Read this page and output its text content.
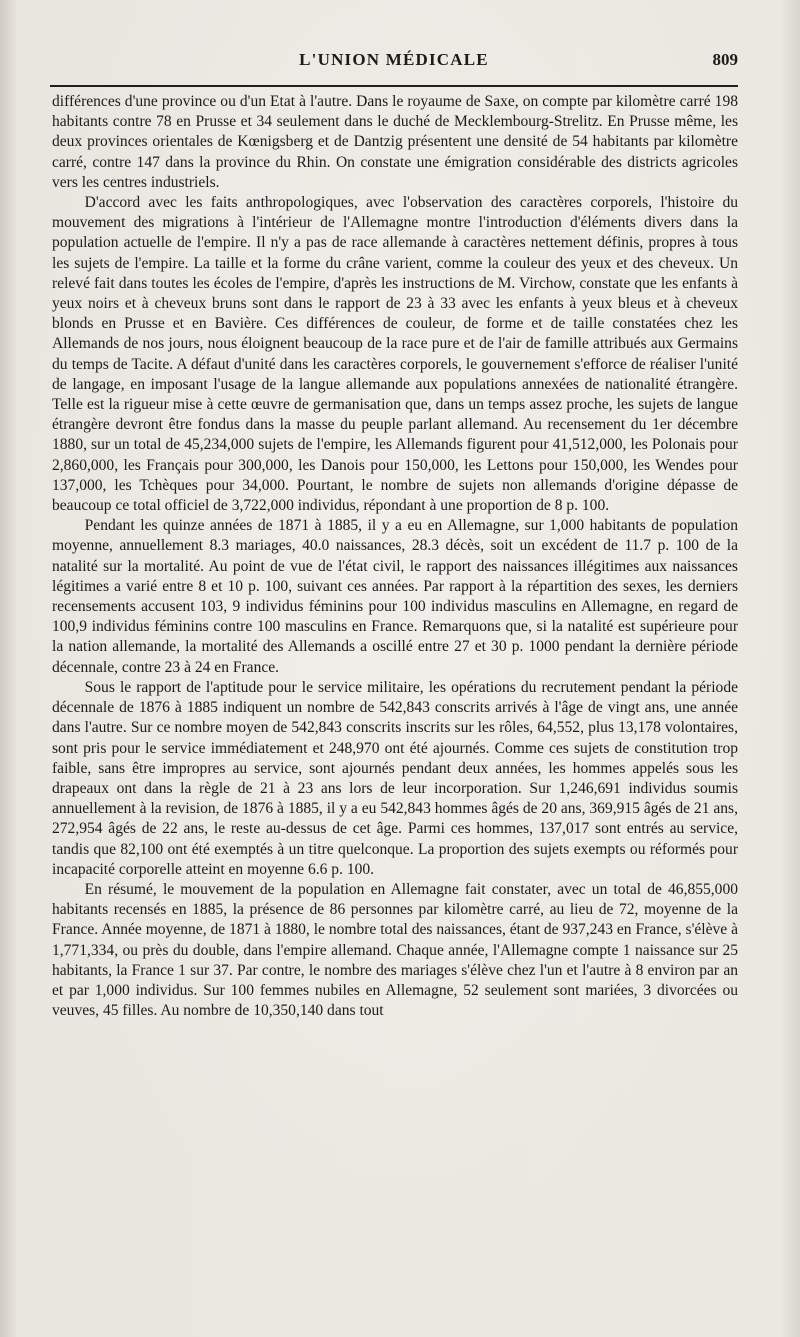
L'UNION MÉDICALE	809

différences d'une province ou d'un Etat à l'autre. Dans le royaume de Saxe, on compte par kilomètre carré 198 habitants contre 78 en Prusse et 34 seulement dans le duché de Mecklembourg-Strelitz. En Prusse même, les deux provinces orientales de Kœnigsberg et de Dantzig présentent une densité de 54 habitants par kilomètre carré, contre 147 dans la province du Rhin. On constate une émigration considérable des districts agricoles vers les centres industriels.

D'accord avec les faits anthropologiques, avec l'observation des caractères corporels, l'histoire du mouvement des migrations à l'intérieur de l'Allemagne montre l'introduction d'éléments divers dans la population actuelle de l'empire. Il n'y a pas de race allemande à caractères nettement définis, propres à tous les sujets de l'empire. La taille et la forme du crâne varient, comme la couleur des yeux et des cheveux. Un relevé fait dans toutes les écoles de l'empire, d'après les instructions de M. Virchow, constate que les enfants à yeux noirs et à cheveux bruns sont dans le rapport de 23 à 33 avec les enfants à yeux bleus et à cheveux blonds en Prusse et en Bavière. Ces différences de couleur, de forme et de taille constatées chez les Allemands de nos jours, nous éloignent beaucoup de la race pure et de l'air de famille attribués aux Germains du temps de Tacite. A défaut d'unité dans les caractères corporels, le gouvernement s'efforce de réaliser l'unité de langage, en imposant l'usage de la langue allemande aux populations annexées de nationalité étrangère. Telle est la rigueur mise à cette œuvre de germanisation que, dans un temps assez proche, les sujets de langue étrangère devront être fondus dans la masse du peuple parlant allemand. Au recensement du 1er décembre 1880, sur un total de 45,234,000 sujets de l'empire, les Allemands figurent pour 41,512,000, les Polonais pour 2,860,000, les Français pour 300,000, les Danois pour 150,000, les Lettons pour 150,000, les Wendes pour 137,000, les Tchèques pour 34,000. Pourtant, le nombre de sujets non allemands d'origine dépasse de beaucoup ce total officiel de 3,722,000 individus, répondant à une proportion de 8 p. 100.

Pendant les quinze années de 1871 à 1885, il y a eu en Allemagne, sur 1,000 habitants de population moyenne, annuellement 8.3 mariages, 40.0 naissances, 28.3 décès, soit un excédent de 11.7 p. 100 de la natalité sur la mortalité. Au point de vue de l'état civil, le rapport des naissances illégitimes aux naissances légitimes a varié entre 8 et 10 p. 100, suivant ces années. Par rapport à la répartition des sexes, les derniers recensements accusent 103, 9 individus féminins pour 100 individus masculins en Allemagne, en regard de 100,9 individus féminins contre 100 masculins en France. Remarquons que, si la natalité est supérieure pour la nation allemande, la mortalité des Allemands a oscillé entre 27 et 30 p. 1000 pendant la dernière période décennale, contre 23 à 24 en France.

Sous le rapport de l'aptitude pour le service militaire, les opérations du recrutement pendant la période décennale de 1876 à 1885 indiquent un nombre de 542,843 conscrits arrivés à l'âge de vingt ans, une année dans l'autre. Sur ce nombre moyen de 542,843 conscrits inscrits sur les rôles, 64,552, plus 13,178 volontaires, sont pris pour le service immédiatement et 248,970 ont été ajournés. Comme ces sujets de constitution trop faible, sans être impropres au service, sont ajournés pendant deux années, les hommes appelés sous les drapeaux ont dans la règle de 21 à 23 ans lors de leur incorporation. Sur 1,246,691 individus soumis annuellement à la revision, de 1876 à 1885, il y a eu 542,843 hommes âgés de 20 ans, 369,915 âgés de 21 ans, 272,954 âgés de 22 ans, le reste au-dessus de cet âge. Parmi ces hommes, 137,017 sont entrés au service, tandis que 82,100 ont été exemptés à un titre quelconque. La proportion des sujets exempts ou réformés pour incapacité corporelle atteint en moyenne 6.6 p. 100.

En résumé, le mouvement de la population en Allemagne fait constater, avec un total de 46,855,000 habitants recensés en 1885, la présence de 86 personnes par kilomètre carré, au lieu de 72, moyenne de la France. Année moyenne, de 1871 à 1880, le nombre total des naissances, étant de 937,243 en France, s'élève à 1,771,334, ou près du double, dans l'empire allemand. Chaque année, l'Allemagne compte 1 naissance sur 25 habitants, la France 1 sur 37. Par contre, le nombre des mariages s'élève chez l'un et l'autre à 8 environ par an et par 1,000 individus. Sur 100 femmes nubiles en Allemagne, 52 seulement sont mariées, 3 divorcées ou veuves, 45 filles. Au nombre de 10,350,140 dans tout
